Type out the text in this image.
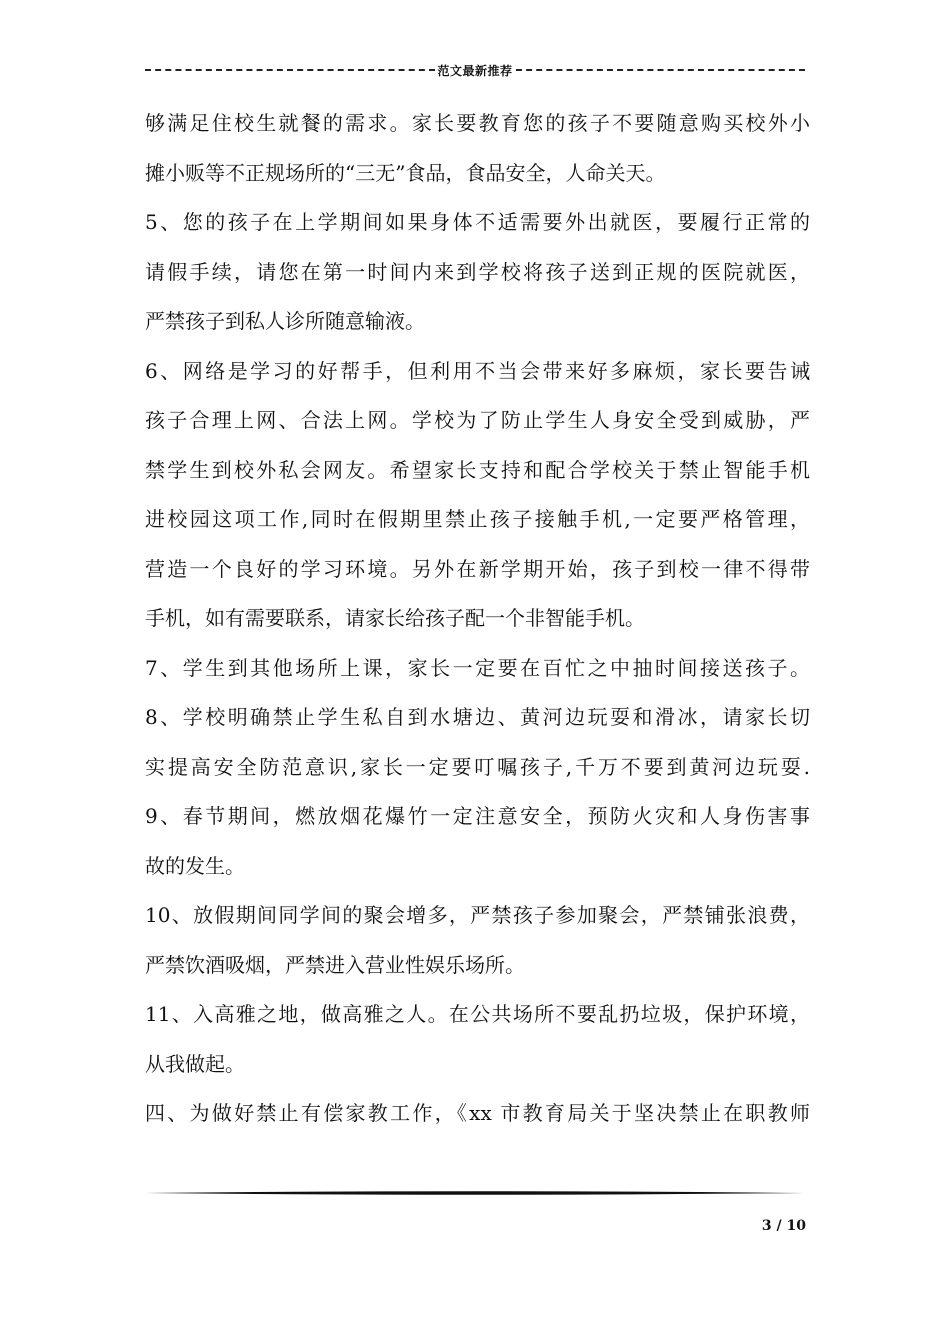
范文最新推荐
够满足住校生就餐的需求。家长要教育您的孩子不要随意购买校外小
摊小贩等不正规场所的“三无”食品，食品安全，人命关天。
5、您的孩子在上学期间如果身体不适需要外出就医，要履行正常的
请假手续，请您在第一时间内来到学校将孩子送到正规的医院就医，
严禁孩子到私人诊所随意输液。
6、网络是学习的好帮手，但利用不当会带来好多麻烦，家长要告诫
孩子合理上网、合法上网。学校为了防止学生人身安全受到威胁，严
禁学生到校外私会网友。希望家长支持和配合学校关于禁止智能手机
进校园这项工作,同时在假期里禁止孩子接触手机,一定要严格管理，
营造一个良好的学习环境。另外在新学期开始，孩子到校一律不得带
手机，如有需要联系，请家长给孩子配一个非智能手机。
7、学生到其他场所上课，家长一定要在百忙之中抽时间接送孩子。
8、学校明确禁止学生私自到水塘边、黄河边玩耍和滑冰，请家长切
实提高安全防范意识,家长一定要叮嘱孩子,千万不要到黄河边玩耍.
9、春节期间，燃放烟花爆竹一定注意安全，预防火灾和人身伤害事
故的发生。
10、放假期间同学间的聚会增多，严禁孩子参加聚会，严禁铺张浪费，
严禁饮酒吸烟，严禁进入营业性娱乐场所。
11、入高雅之地，做高雅之人。在公共场所不要乱扔垃圾，保护环境，
从我做起。
四、为做好禁止有偿家教工作，《xx 市教育局关于坚决禁止在职教师
3 / 10
